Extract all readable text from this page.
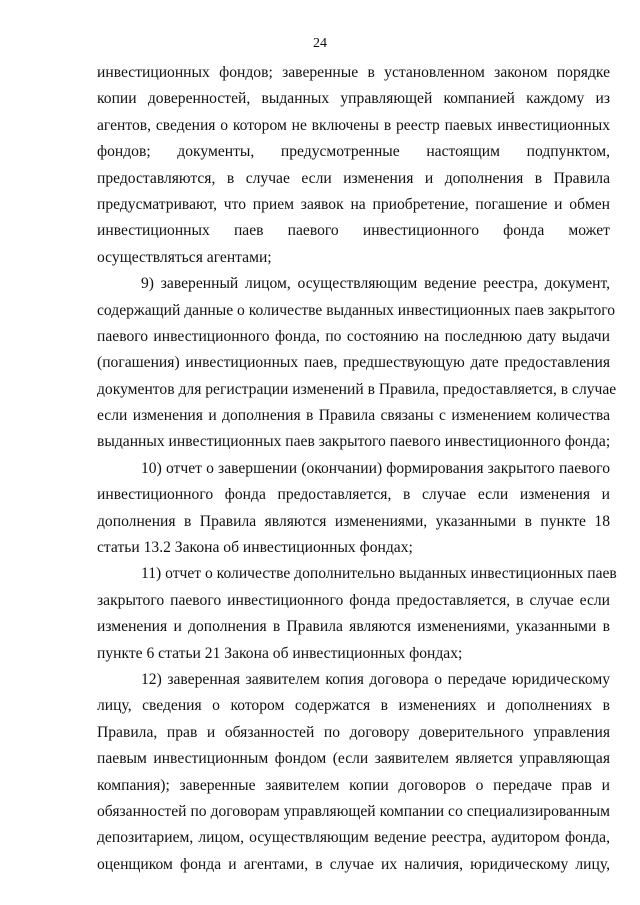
24
инвестиционных фондов; заверенные в установленном законом порядке
копии доверенностей, выданных управляющей компанией каждому из
агентов, сведения о котором не включены в реестр паевых инвестиционных
фондов; документы, предусмотренные настоящим подпунктом,
предоставляются, в случае если изменения и дополнения в Правила
предусматривают, что прием заявок на приобретение, погашение и обмен
инвестиционных паев паевого инвестиционного фонда может
осуществляться агентами;
9) заверенный лицом, осуществляющим ведение реестра, документ,
содержащий данные о количестве выданных инвестиционных паев закрытого
паевого инвестиционного фонда, по состоянию на последнюю дату выдачи
(погашения) инвестиционных паев, предшествующую дате предоставления
документов для регистрации изменений в Правила, предоставляется, в случае
если изменения и дополнения в Правила связаны с изменением количества
выданных инвестиционных паев закрытого паевого инвестиционного фонда;
10) отчет о завершении (окончании) формирования закрытого паевого
инвестиционного фонда предоставляется, в случае если изменения и
дополнения в Правила являются изменениями, указанными в пункте 18
статьи 13.2 Закона об инвестиционных фондах;
11) отчет о количестве дополнительно выданных инвестиционных паев
закрытого паевого инвестиционного фонда предоставляется, в случае если
изменения и дополнения в Правила являются изменениями, указанными в
пункте 6 статьи 21 Закона об инвестиционных фондах;
12) заверенная заявителем копия договора о передаче юридическому
лицу, сведения о котором содержатся в изменениях и дополнениях в
Правила, прав и обязанностей по договору доверительного управления
паевым инвестиционным фондом (если заявителем является управляющая
компания); заверенные заявителем копии договоров о передаче прав и
обязанностей по договорам управляющей компании со специализированным
депозитарием, лицом, осуществляющим ведение реестра, аудитором фонда,
оценщиком фонда и агентами, в случае их наличия, юридическому лицу,
